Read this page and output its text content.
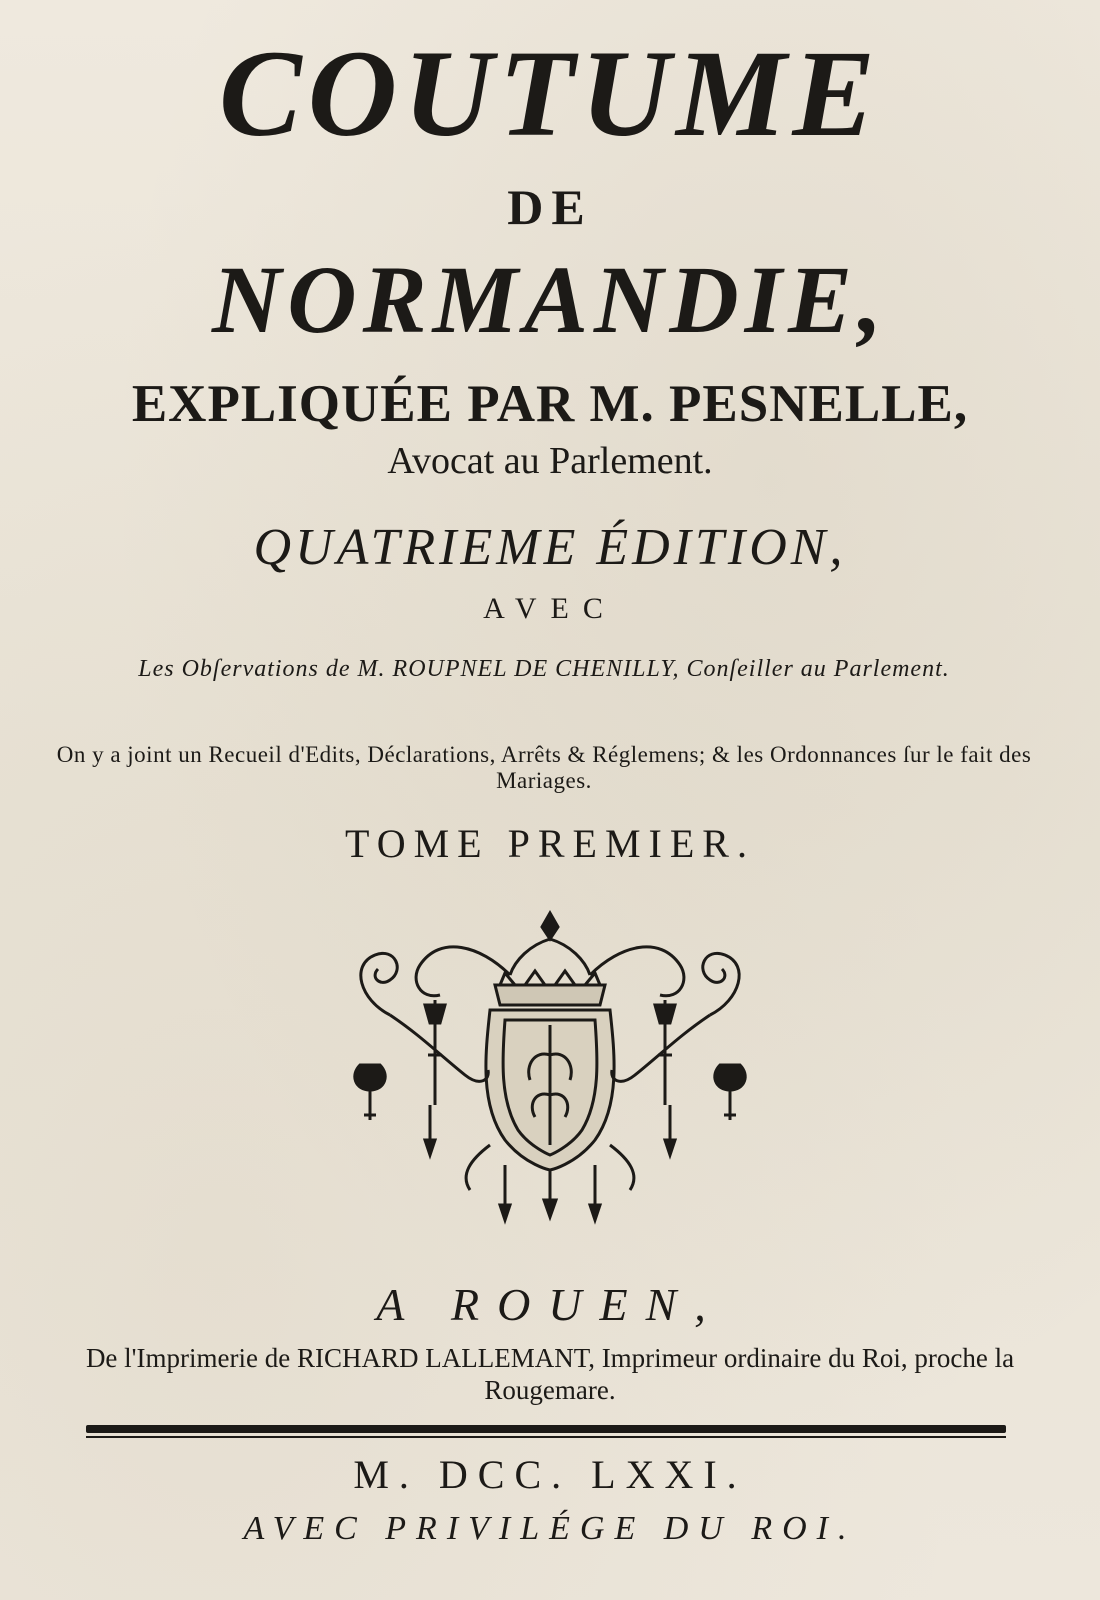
COUTUME
DE
NORMANDIE,
EXPLIQUÉE PAR M. PESNELLE,
Avocat au Parlement.
QUATRIEME ÉDITION,
AVEC
Les Obſervations de M. ROUPNEL DE CHENILLY, Conſeiller au Parlement.
On y a joint un Recueil d'Edits, Déclarations, Arrêts & Réglemens; & les Ordonnances ſur le fait des Mariages.
TOME PREMIER.
A ROUEN,
De l'Imprimerie de RICHARD LALLEMANT, Imprimeur ordinaire du Roi, proche la Rougemare.
M. DCC. LXXI.
AVEC PRIVILÉGE DU ROI.
